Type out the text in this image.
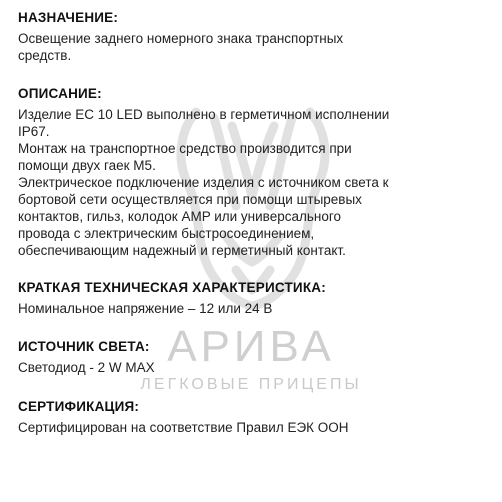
АРИВА
ЛЕГКОВЫЕ ПРИЦЕПЫ
НАЗНАЧЕНИЕ:
Освещение заднего номерного знака транспортных
средств.
ОПИСАНИЕ:
Изделие ЕС 10 LED выполнено в герметичном исполнении
IP67.
Монтаж на транспортное средство производится при
помощи двух гаек М5.
Электрическое подключение изделия с источником света к
бортовой сети осуществляется при помощи штыревых
контактов, гильз, колодок AMP или универсального
провода с электрическим быстросоединением,
обеспечивающим надежный и герметичный контакт.
КРАТКАЯ ТЕХНИЧЕСКАЯ ХАРАКТЕРИСТИКА:
Номинальное напряжение – 12 или 24 В
ИСТОЧНИК СВЕТА:
Светодиод - 2 W MAX
СЕРТИФИКАЦИЯ:
Сертифицирован на соответствие Правил ЕЭК ООН
